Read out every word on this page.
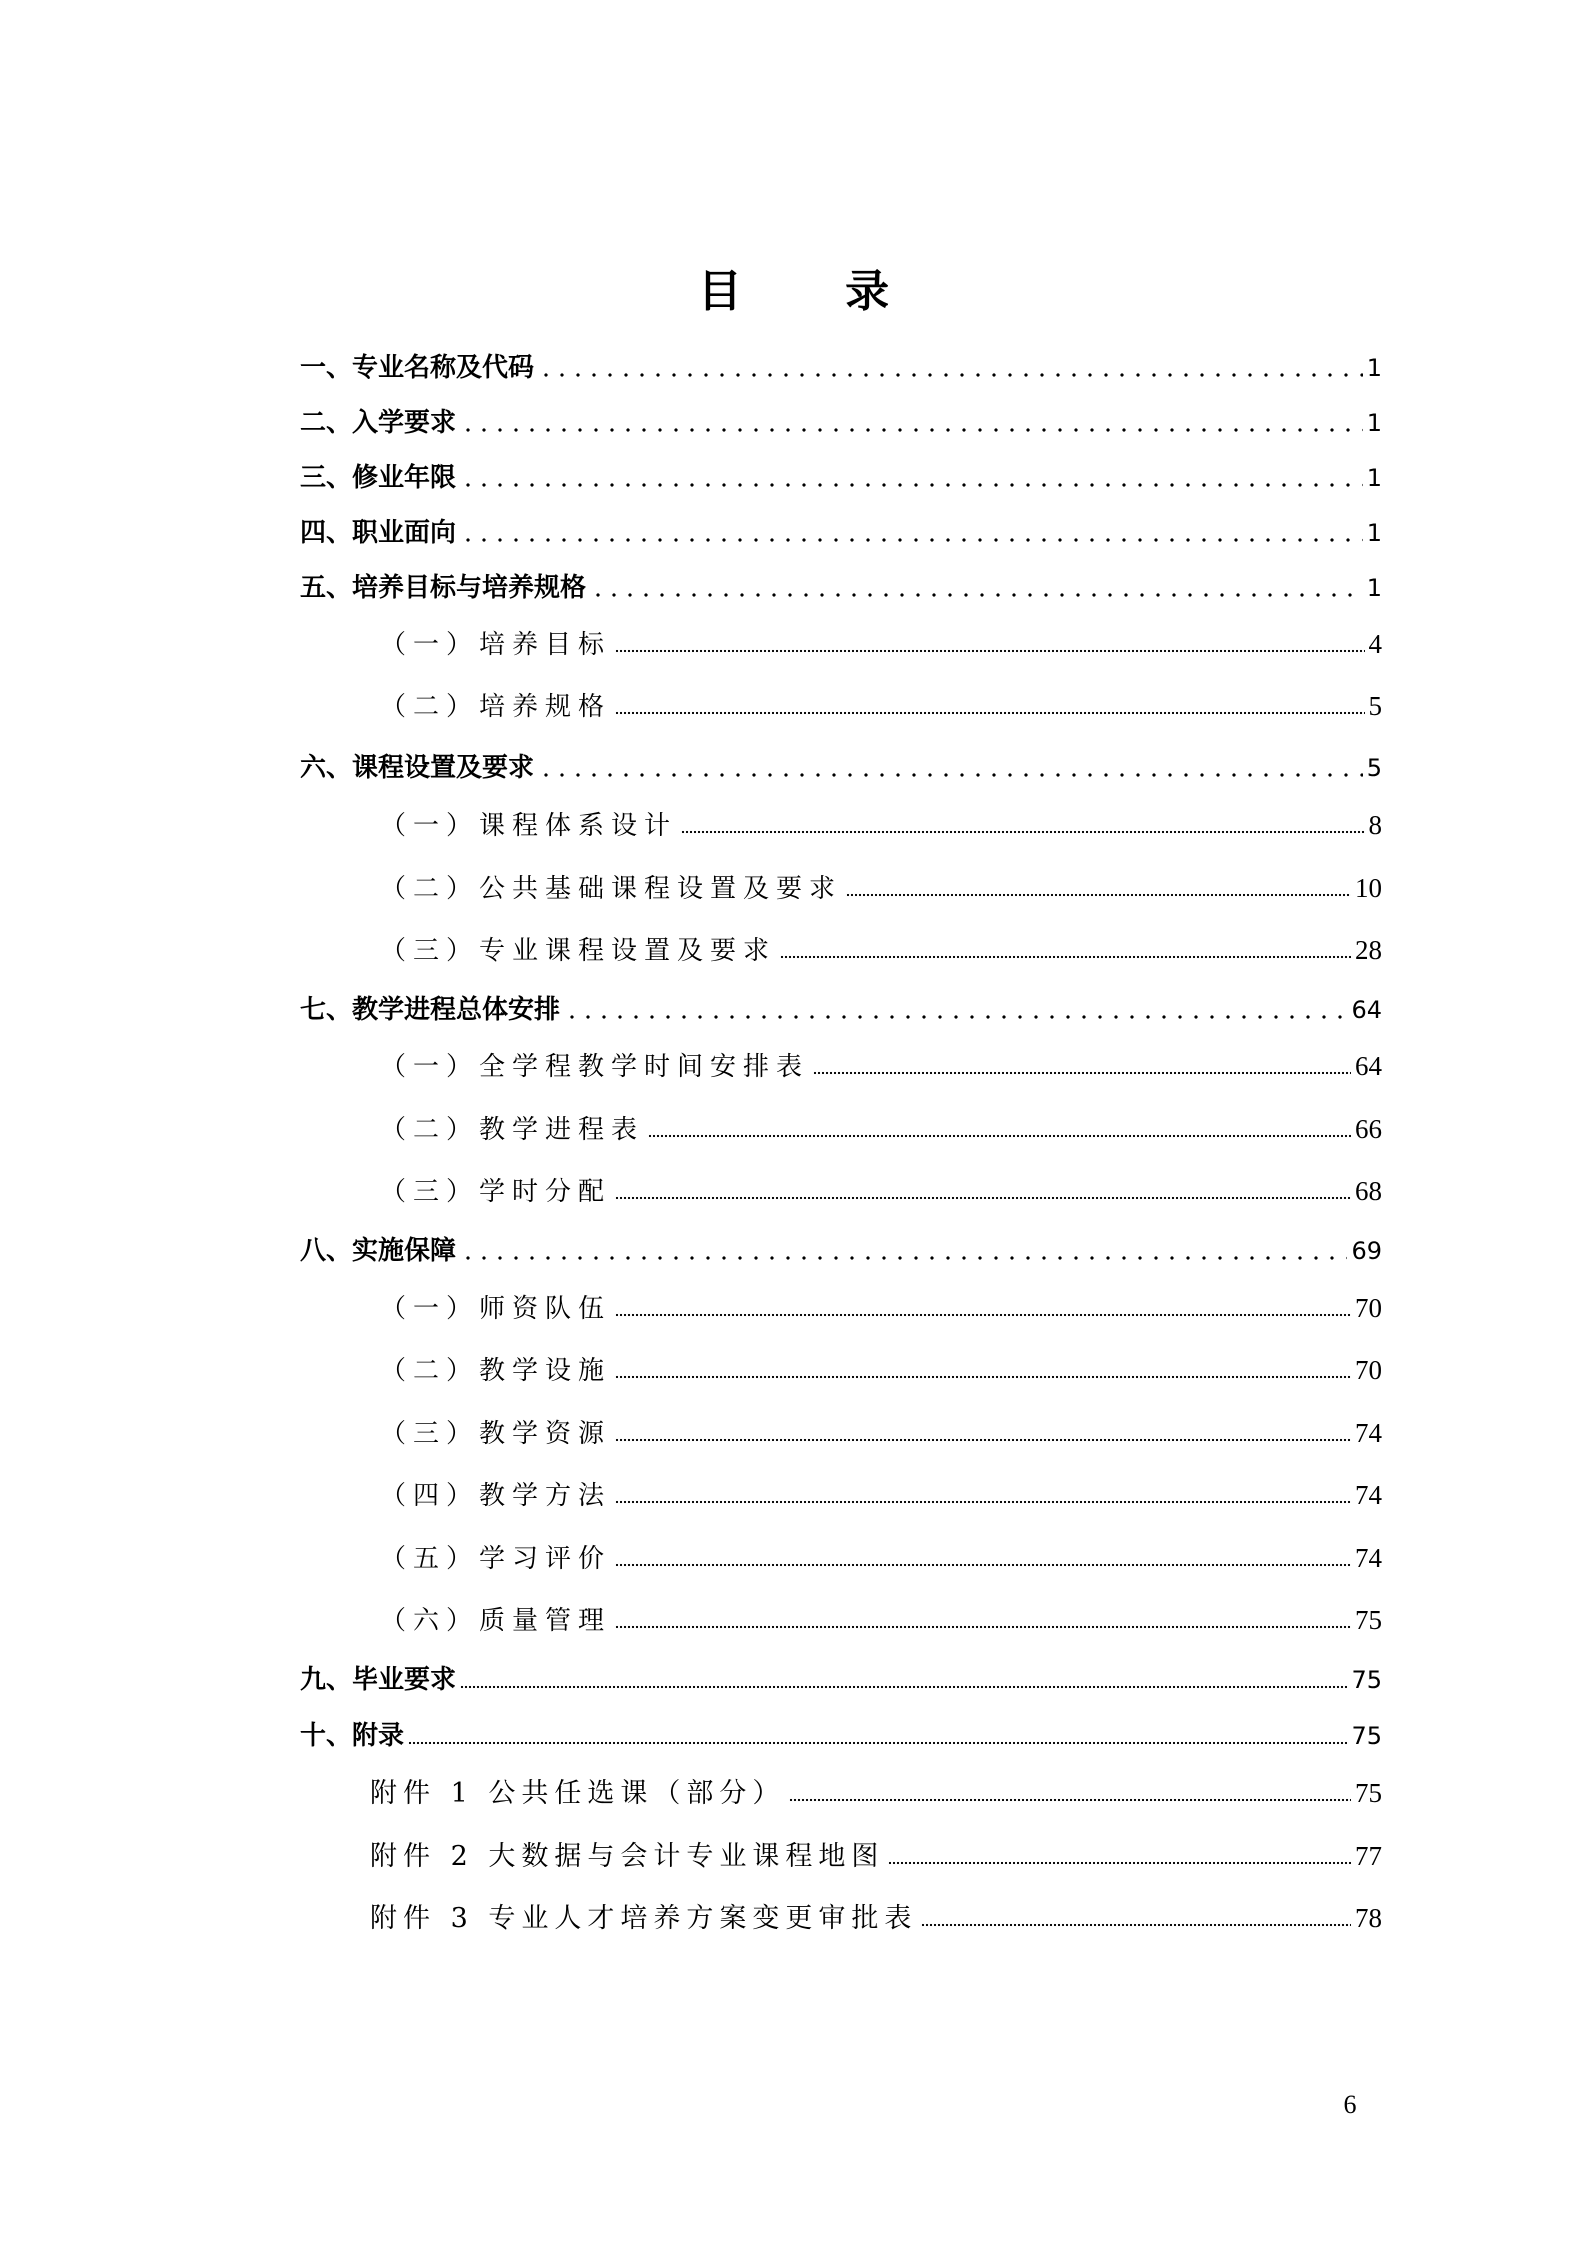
目 录
一、专业名称及代码	1
二、入学要求	1
三、修业年限	1
四、职业面向	1
五、培养目标与培养规格	1
（一）培养目标	4
（二）培养规格	5
六、课程设置及要求	5
（一）课程体系设计	8
（二）公共基础课程设置及要求	10
（三）专业课程设置及要求	28
七、教学进程总体安排	64
（一）全学程教学时间安排表	64
（二）教学进程表	66
（三）学时分配	68
八、实施保障	69
（一）师资队伍	70
（二）教学设施	70
（三）教学资源	74
（四）教学方法	74
（五）学习评价	74
（六）质量管理	75
九、毕业要求	75
十、附录	75
附件 1 公共任选课（部分）	75
附件 2 大数据与会计专业课程地图	77
附件 3 专业人才培养方案变更审批表	78
6
